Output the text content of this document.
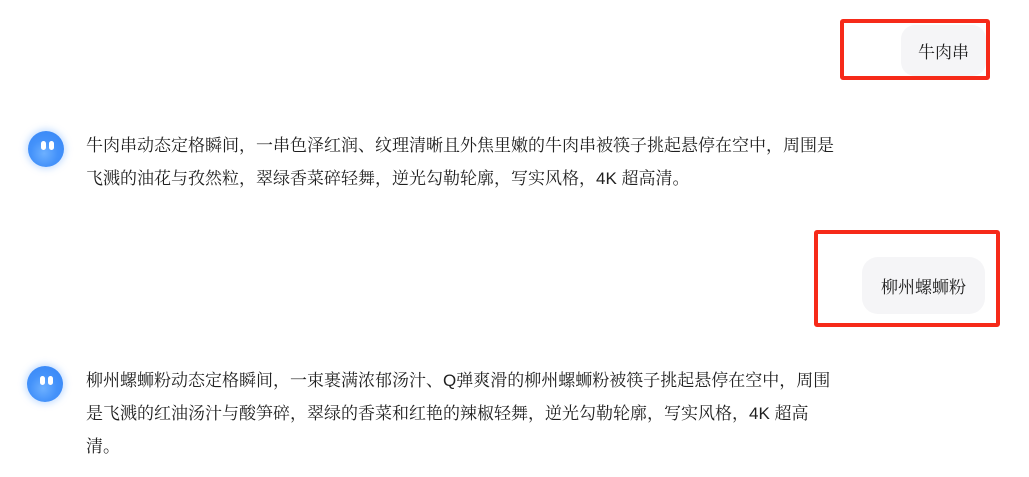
牛肉串
牛肉串动态定格瞬间，一串色泽红润、纹理清晰且外焦里嫩的牛肉串被筷子挑起悬停在空中，周围是
飞溅的油花与孜然粒，翠绿香菜碎轻舞，逆光勾勒轮廓，写实风格，4K 超高清。
柳州螺蛳粉
柳州螺蛳粉动态定格瞬间，一束裹满浓郁汤汁、Q弹爽滑的柳州螺蛳粉被筷子挑起悬停在空中，周围
是飞溅的红油汤汁与酸笋碎，翠绿的香菜和红艳的辣椒轻舞，逆光勾勒轮廓，写实风格，4K 超高
清。
